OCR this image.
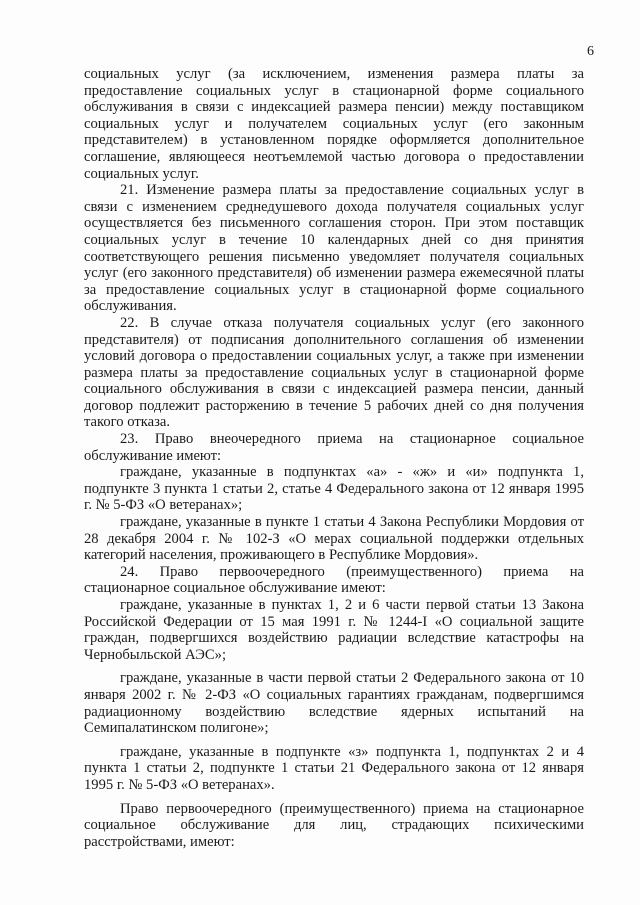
6

социальных услуг (за исключением, изменения размера платы за предоставление социальных услуг в стационарной форме социального обслуживания в связи с индексацией размера пенсии) между поставщиком социальных услуг и получателем социальных услуг (его законным представителем) в установленном порядке оформляется дополнительное соглашение, являющееся неотъемлемой частью договора о предоставлении социальных услуг.

21. Изменение размера платы за предоставление социальных услуг в связи с изменением среднедушевого дохода получателя социальных услуг осуществляется без письменного соглашения сторон. При этом поставщик социальных услуг в течение 10 календарных дней со дня принятия соответствующего решения письменно уведомляет получателя социальных услуг (его законного представителя) об изменении размера ежемесячной платы за предоставление социальных услуг в стационарной форме социального обслуживания.

22. В случае отказа получателя социальных услуг (его законного представителя) от подписания дополнительного соглашения об изменении условий договора о предоставлении социальных услуг, а также при изменении размера платы за предоставление социальных услуг в стационарной форме социального обслуживания в связи с индексацией размера пенсии, данный договор подлежит расторжению в течение 5 рабочих дней со дня получения такого отказа.

23. Право внеочередного приема на стационарное социальное обслуживание имеют:

граждане, указанные в подпунктах «а» - «ж» и «и» подпункта 1, подпункте 3 пункта 1 статьи 2, статье 4 Федерального закона от 12 января 1995 г. № 5-ФЗ «О ветеранах»;

граждане, указанные в пункте 1 статьи 4 Закона Республики Мордовия от 28 декабря 2004 г. № 102-З «О мерах социальной поддержки отдельных категорий населения, проживающего в Республике Мордовия».

24. Право первоочередного (преимущественного) приема на стационарное социальное обслуживание имеют:

граждане, указанные в пунктах 1, 2 и 6 части первой статьи 13 Закона Российской Федерации от 15 мая 1991 г. № 1244-I «О социальной защите граждан, подвергшихся воздействию радиации вследствие катастрофы на Чернобыльской АЭС»;

граждане, указанные в части первой статьи 2 Федерального закона от 10 января 2002 г. № 2-ФЗ «О социальных гарантиях гражданам, подвергшимся радиационному воздействию вследствие ядерных испытаний на Семипалатинском полигоне»;

граждане, указанные в подпункте «з» подпункта 1, подпунктах 2 и 4 пункта 1 статьи 2, подпункте 1 статьи 21 Федерального закона от 12 января 1995 г. № 5-ФЗ «О ветеранах».

Право первоочередного (преимущественного) приема на стационарное социальное обслуживание для лиц, страдающих психическими расстройствами, имеют:
